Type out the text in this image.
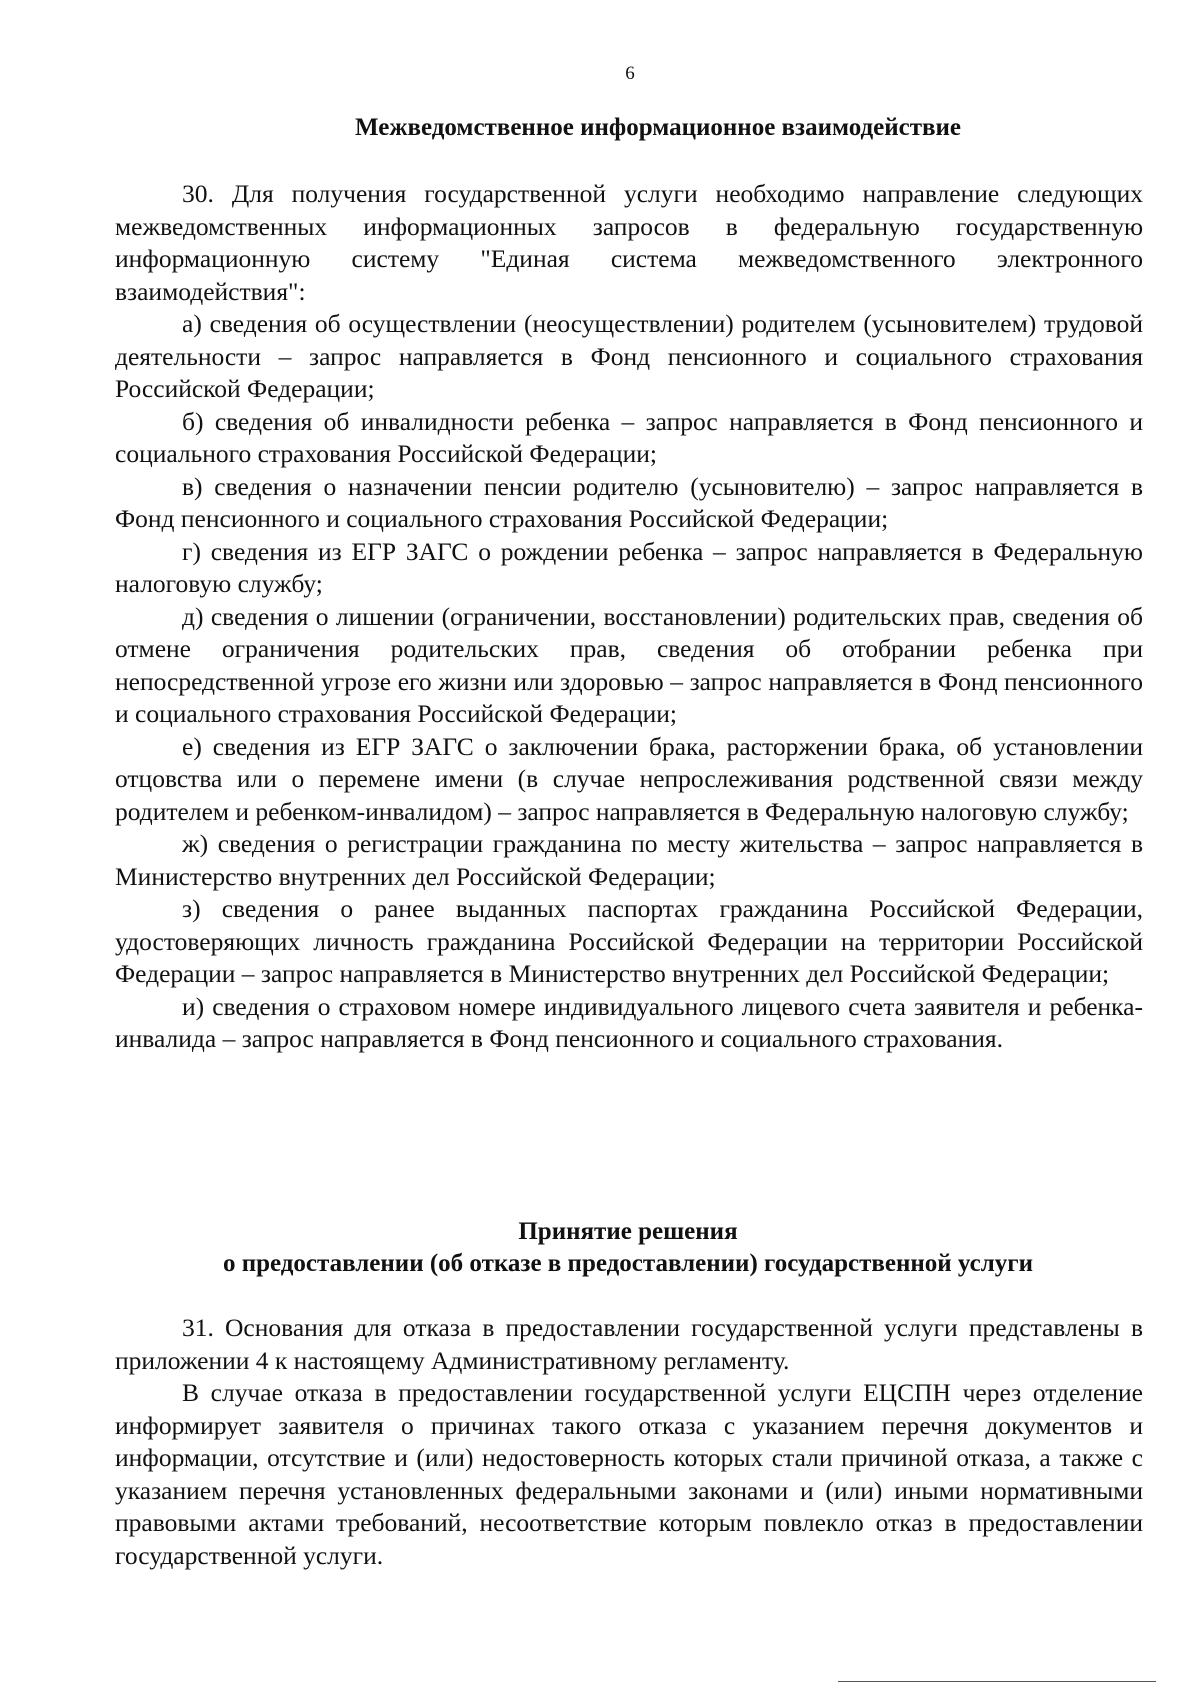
6
Межведомственное информационное взаимодействие

30. Для получения государственной услуги необходимо направление следующих межведомственных информационных запросов в федеральную государственную информационную систему "Единая система межведомственного электронного взаимодействия":

а) сведения об осуществлении (неосуществлении) родителем (усыновителем) трудовой деятельности – запрос направляется в Фонд пенсионного и социального страхования Российской Федерации;

б) сведения об инвалидности ребенка – запрос направляется в Фонд пенсионного и социального страхования Российской Федерации;

в) сведения о назначении пенсии родителю (усыновителю) – запрос направляется в Фонд пенсионного и социального страхования Российской Федерации;

г) сведения из ЕГР ЗАГС о рождении ребенка – запрос направляется в Федеральную налоговую службу;

д) сведения о лишении (ограничении, восстановлении) родительских прав, сведения об отмене ограничения родительских прав, сведения об отобрании ребенка при непосредственной угрозе его жизни или здоровью – запрос направляется в Фонд пенсионного и социального страхования Российской Федерации;

е) сведения из ЕГР ЗАГС о заключении брака, расторжении брака, об установлении отцовства или о перемене имени (в случае непрослеживания родственной связи между родителем и ребенком-инвалидом) – запрос направляется в Федеральную налоговую службу;

ж) сведения о регистрации гражданина по месту жительства – запрос направляется в Министерство внутренних дел Российской Федерации;

з) сведения о ранее выданных паспортах гражданина Российской Федерации, удостоверяющих личность гражданина Российской Федерации на территории Российской Федерации – запрос направляется в Министерство внутренних дел Российской Федерации;

и) сведения о страховом номере индивидуального лицевого счета заявителя и ребенка-инвалида – запрос направляется в Фонд пенсионного и социального страхования.

Принятие решения
о предоставлении (об отказе в предоставлении) государственной услуги

31. Основания для отказа в предоставлении государственной услуги представлены в приложении 4 к настоящему Административному регламенту.

В случае отказа в предоставлении государственной услуги ЕЦСПН через отделение информирует заявителя о причинах такого отказа с указанием перечня документов и информации, отсутствие и (или) недостоверность которых стали причиной отказа, а также с указанием перечня установленных федеральными законами и (или) иными нормативными правовыми актами требований, несоответствие которым повлекло отказ в предоставлении государственной услуги.
